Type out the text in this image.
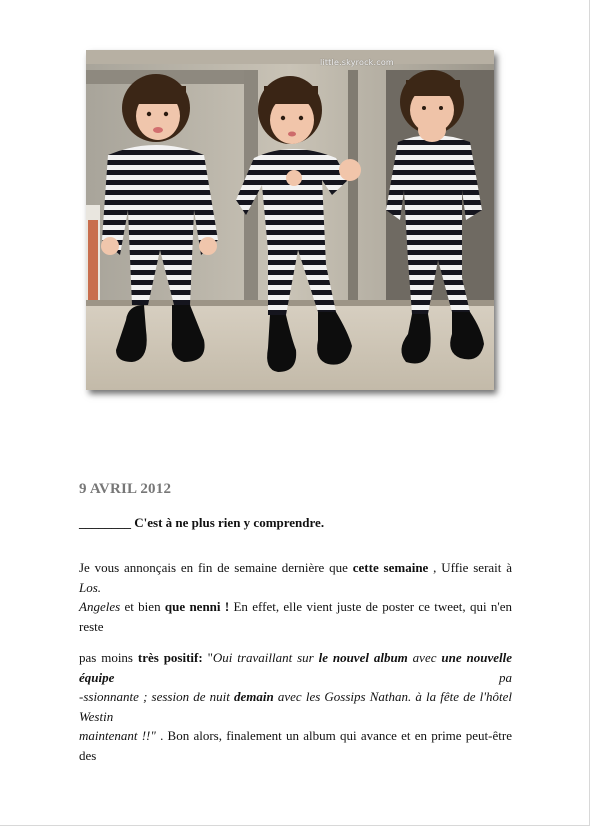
little.skyrock.com
9 AVRIL 2012
________ C'est à ne plus rien y comprendre.
Je vous annonçais en fin de semaine dernière que cette semaine , Uffie serait à Los.
Angeles et bien que nenni ! En effet, elle vient juste de poster ce tweet, qui n'en reste
pas moins très positif: "Oui travaillant sur le nouvel album avec une nouvelle équipe pa
-ssionnante ; session de nuit demain avec les Gossips Nathan. à la fête de l'hôtel Westin
maintenant !!" . Bon alors, finalement un album qui avance et en prime peut-être des
